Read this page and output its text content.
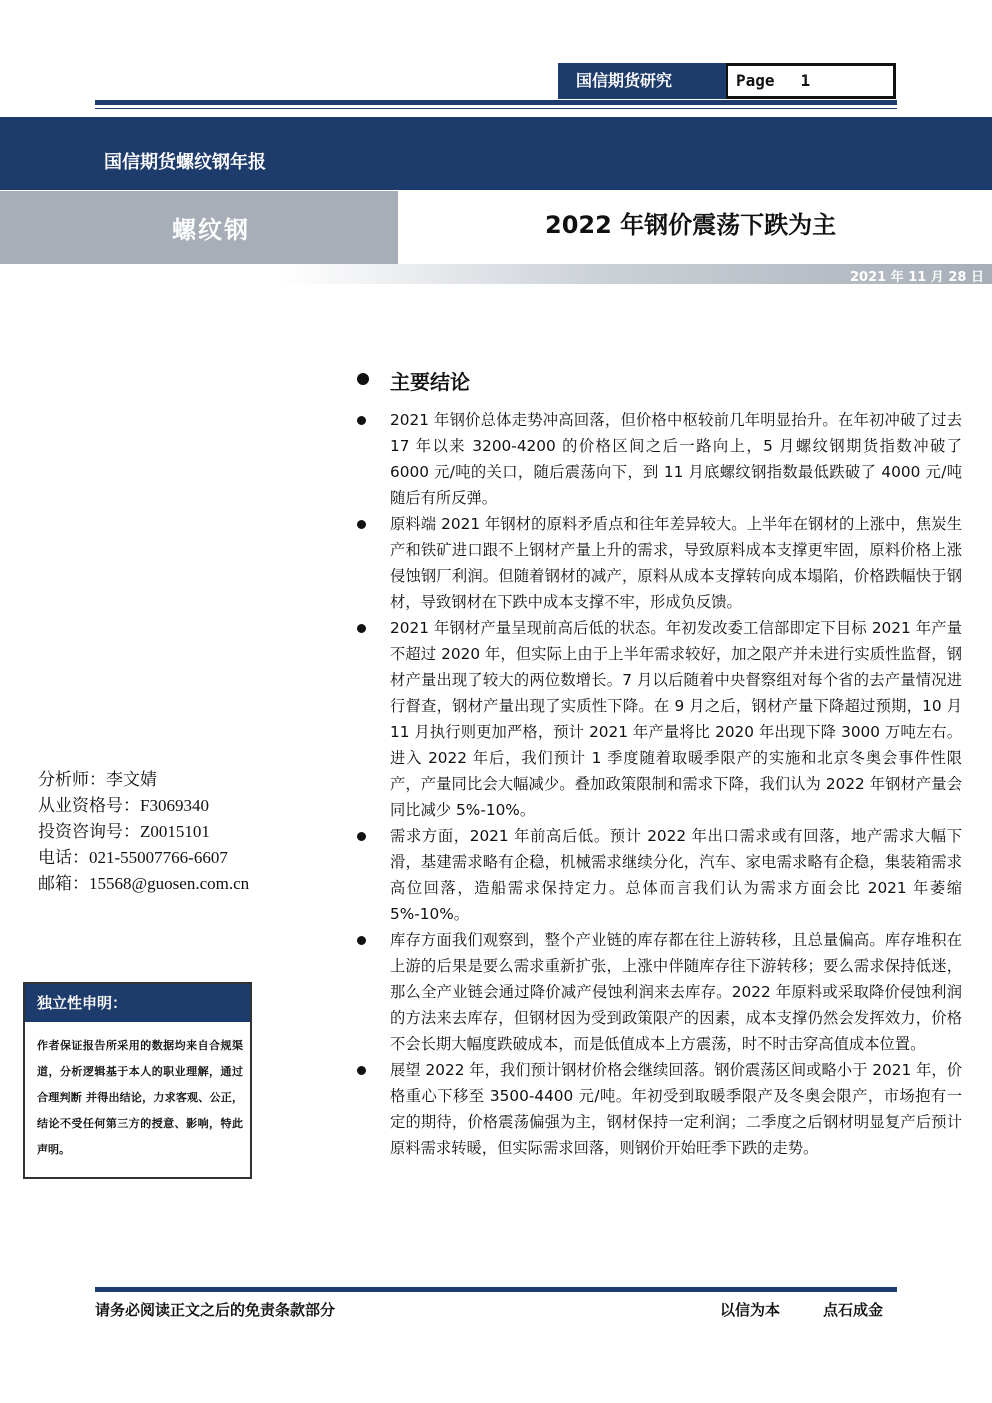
国信期货研究	Page 1
国信期货螺纹钢年报
螺纹钢	2022 年钢价震荡下跌为主
2021 年 11 月 28 日
主要结论
2021 年钢价总体走势冲高回落，但价格中枢较前几年明显抬升。在年初冲破了过去 17 年以来 3200-4200 的价格区间之后一路向上，5 月螺纹钢期货指数冲破了 6000 元/吨的关口，随后震荡向下，到 11 月底螺纹钢指数最低跌破了 4000 元/吨随后有所反弹。
原料端 2021 年钢材的原料矛盾点和往年差异较大。上半年在钢材的上涨中，焦炭生产和铁矿进口跟不上钢材产量上升的需求，导致原料成本支撑更牢固，原料价格上涨侵蚀钢厂利润。但随着钢材的减产，原料从成本支撑转向成本塌陷，价格跌幅快于钢材，导致钢材在下跌中成本支撑不牢，形成负反馈。
2021 年钢材产量呈现前高后低的状态。年初发改委工信部即定下目标 2021 年产量不超过 2020 年，但实际上由于上半年需求较好，加之限产并未进行实质性监督，钢材产量出现了较大的两位数增长。7 月以后随着中央督察组对每个省的去产量情况进行督查，钢材产量出现了实质性下降。在 9 月之后，钢材产量下降超过预期，10 月 11 月执行则更加严格，预计 2021 年产量将比 2020 年出现下降 3000 万吨左右。进入 2022 年后，我们预计 1 季度随着取暖季限产的实施和北京冬奥会事件性限产，产量同比会大幅减少。叠加政策限制和需求下降，我们认为 2022 年钢材产量会同比减少 5%-10%。
需求方面，2021 年前高后低。预计 2022 年出口需求或有回落，地产需求大幅下滑，基建需求略有企稳，机械需求继续分化，汽车、家电需求略有企稳，集装箱需求高位回落，造船需求保持定力。总体而言我们认为需求方面会比 2021 年萎缩 5%-10%。
库存方面我们观察到，整个产业链的库存都在往上游转移，且总量偏高。库存堆积在上游的后果是要么需求重新扩张，上涨中伴随库存往下游转移；要么需求保持低迷，那么全产业链会通过降价减产侵蚀利润来去库存。2022 年原料或采取降价侵蚀利润的方法来去库存，但钢材因为受到政策限产的因素，成本支撑仍然会发挥效力，价格不会长期大幅度跌破成本，而是低值成本上方震荡，时不时击穿高值成本位置。
展望 2022 年，我们预计钢材价格会继续回落。钢价震荡区间或略小于 2021 年，价格重心下移至 3500-4400 元/吨。年初受到取暖季限产及冬奥会限产，市场抱有一定的期待，价格震荡偏强为主，钢材保持一定利润；二季度之后钢材明显复产后预计原料需求转暖，但实际需求回落，则钢价开始旺季下跌的走势。
分析师：李文婧
从业资格号：F3069340
投资咨询号：Z0015101
电话：021-55007766-6607
邮箱：15568@guosen.com.cn
独立性申明：
作者保证报告所采用的数据均来自合规渠道，分析逻辑基于本人的职业理解，通过合理判断 并得出结论，力求客观、公正，结论不受任何第三方的授意、影响，特此声明。
请务必阅读正文之后的免责条款部分	以信为本	点石成金
